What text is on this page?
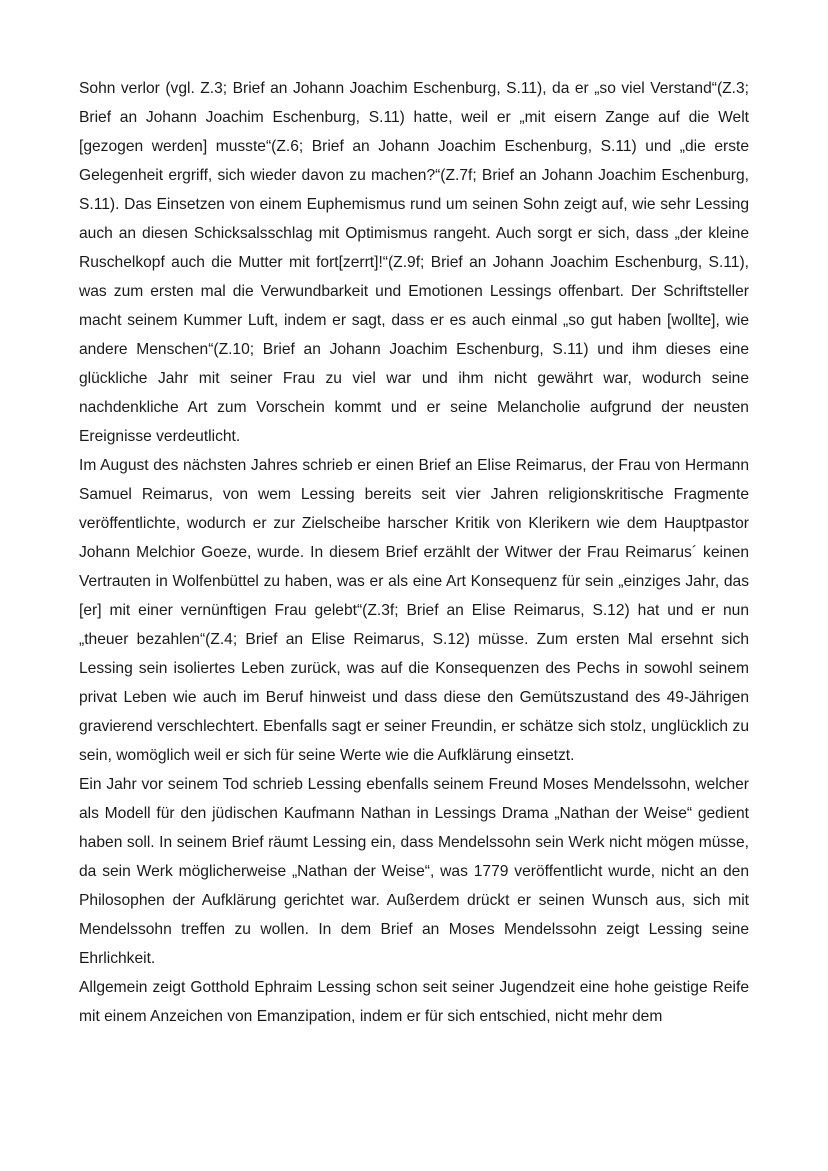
Sohn verlor (vgl. Z.3; Brief an Johann Joachim Eschenburg, S.11), da er „so viel Verstand“(Z.3; Brief an Johann Joachim Eschenburg, S.11) hatte, weil er „mit eisern Zange auf die Welt [gezogen werden] musste“(Z.6; Brief an Johann Joachim Eschenburg, S.11) und „die erste Gelegenheit ergriff, sich wieder davon zu machen?“(Z.7f; Brief an Johann Joachim Eschenburg, S.11). Das Einsetzen von einem Euphemismus rund um seinen Sohn zeigt auf, wie sehr Lessing auch an diesen Schicksalsschlag mit Optimismus rangeht. Auch sorgt er sich, dass „der kleine Ruschelkopf auch die Mutter mit fort[zerrt]!“(Z.9f; Brief an Johann Joachim Eschenburg, S.11), was zum ersten mal die Verwundbarkeit und Emotionen Lessings offenbart. Der Schriftsteller macht seinem Kummer Luft, indem er sagt, dass er es auch einmal „so gut haben [wollte], wie andere Menschen“(Z.10; Brief an Johann Joachim Eschenburg, S.11) und ihm dieses eine glückliche Jahr mit seiner Frau zu viel war und ihm nicht gewährt war, wodurch seine nachdenkliche Art zum Vorschein kommt und er seine Melancholie aufgrund der neusten Ereignisse verdeutlicht.

Im August des nächsten Jahres schrieb er einen Brief an Elise Reimarus, der Frau von Hermann Samuel Reimarus, von wem Lessing bereits seit vier Jahren religionskritische Fragmente veröffentlichte, wodurch er zur Zielscheibe harscher Kritik von Klerikern wie dem Hauptpastor Johann Melchior Goeze, wurde. In diesem Brief erzählt der Witwer der Frau Reimarus´ keinen Vertrauten in Wolfenbüttel zu haben, was er als eine Art Konsequenz für sein „einziges Jahr, das [er] mit einer vernünftigen Frau gelebt“(Z.3f; Brief an Elise Reimarus, S.12) hat und er nun „theuer bezahlen“(Z.4; Brief an Elise Reimarus, S.12) müsse. Zum ersten Mal ersehnt sich Lessing sein isoliertes Leben zurück, was auf die Konsequenzen des Pechs in sowohl seinem privat Leben wie auch im Beruf hinweist und dass diese den Gemütszustand des 49-Jährigen gravierend verschlechtert. Ebenfalls sagt er seiner Freundin, er schätze sich stolz, unglücklich zu sein, womöglich weil er sich für seine Werte wie die Aufklärung einsetzt.

Ein Jahr vor seinem Tod schrieb Lessing ebenfalls seinem Freund Moses Mendelssohn, welcher als Modell für den jüdischen Kaufmann Nathan in Lessings Drama „Nathan der Weise“ gedient haben soll. In seinem Brief räumt Lessing ein, dass Mendelssohn sein Werk nicht mögen müsse, da sein Werk möglicherweise „Nathan der Weise“, was 1779 veröffentlicht wurde, nicht an den Philosophen der Aufklärung gerichtet war. Außerdem drückt er seinen Wunsch aus, sich mit Mendelssohn treffen zu wollen. In dem Brief an Moses Mendelssohn zeigt Lessing seine Ehrlichkeit.

Allgemein zeigt Gotthold Ephraim Lessing schon seit seiner Jugendzeit eine hohe geistige Reife mit einem Anzeichen von Emanzipation, indem er für sich entschied, nicht mehr dem
